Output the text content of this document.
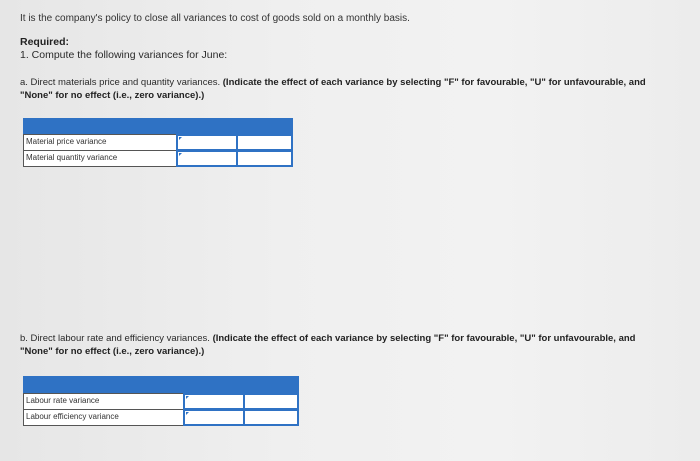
It is the company's policy to close all variances to cost of goods sold on a monthly basis.
Required:
1. Compute the following variances for June:
a. Direct materials price and quantity variances. (Indicate the effect of each variance by selecting "F" for favourable, "U" for unfavourable, and "None" for no effect (i.e., zero variance).)
Material price variance
Material quantity variance
b. Direct labour rate and efficiency variances. (Indicate the effect of each variance by selecting "F" for favourable, "U" for unfavourable, and "None" for no effect (i.e., zero variance).)
Labour rate variance
Labour efficiency variance
